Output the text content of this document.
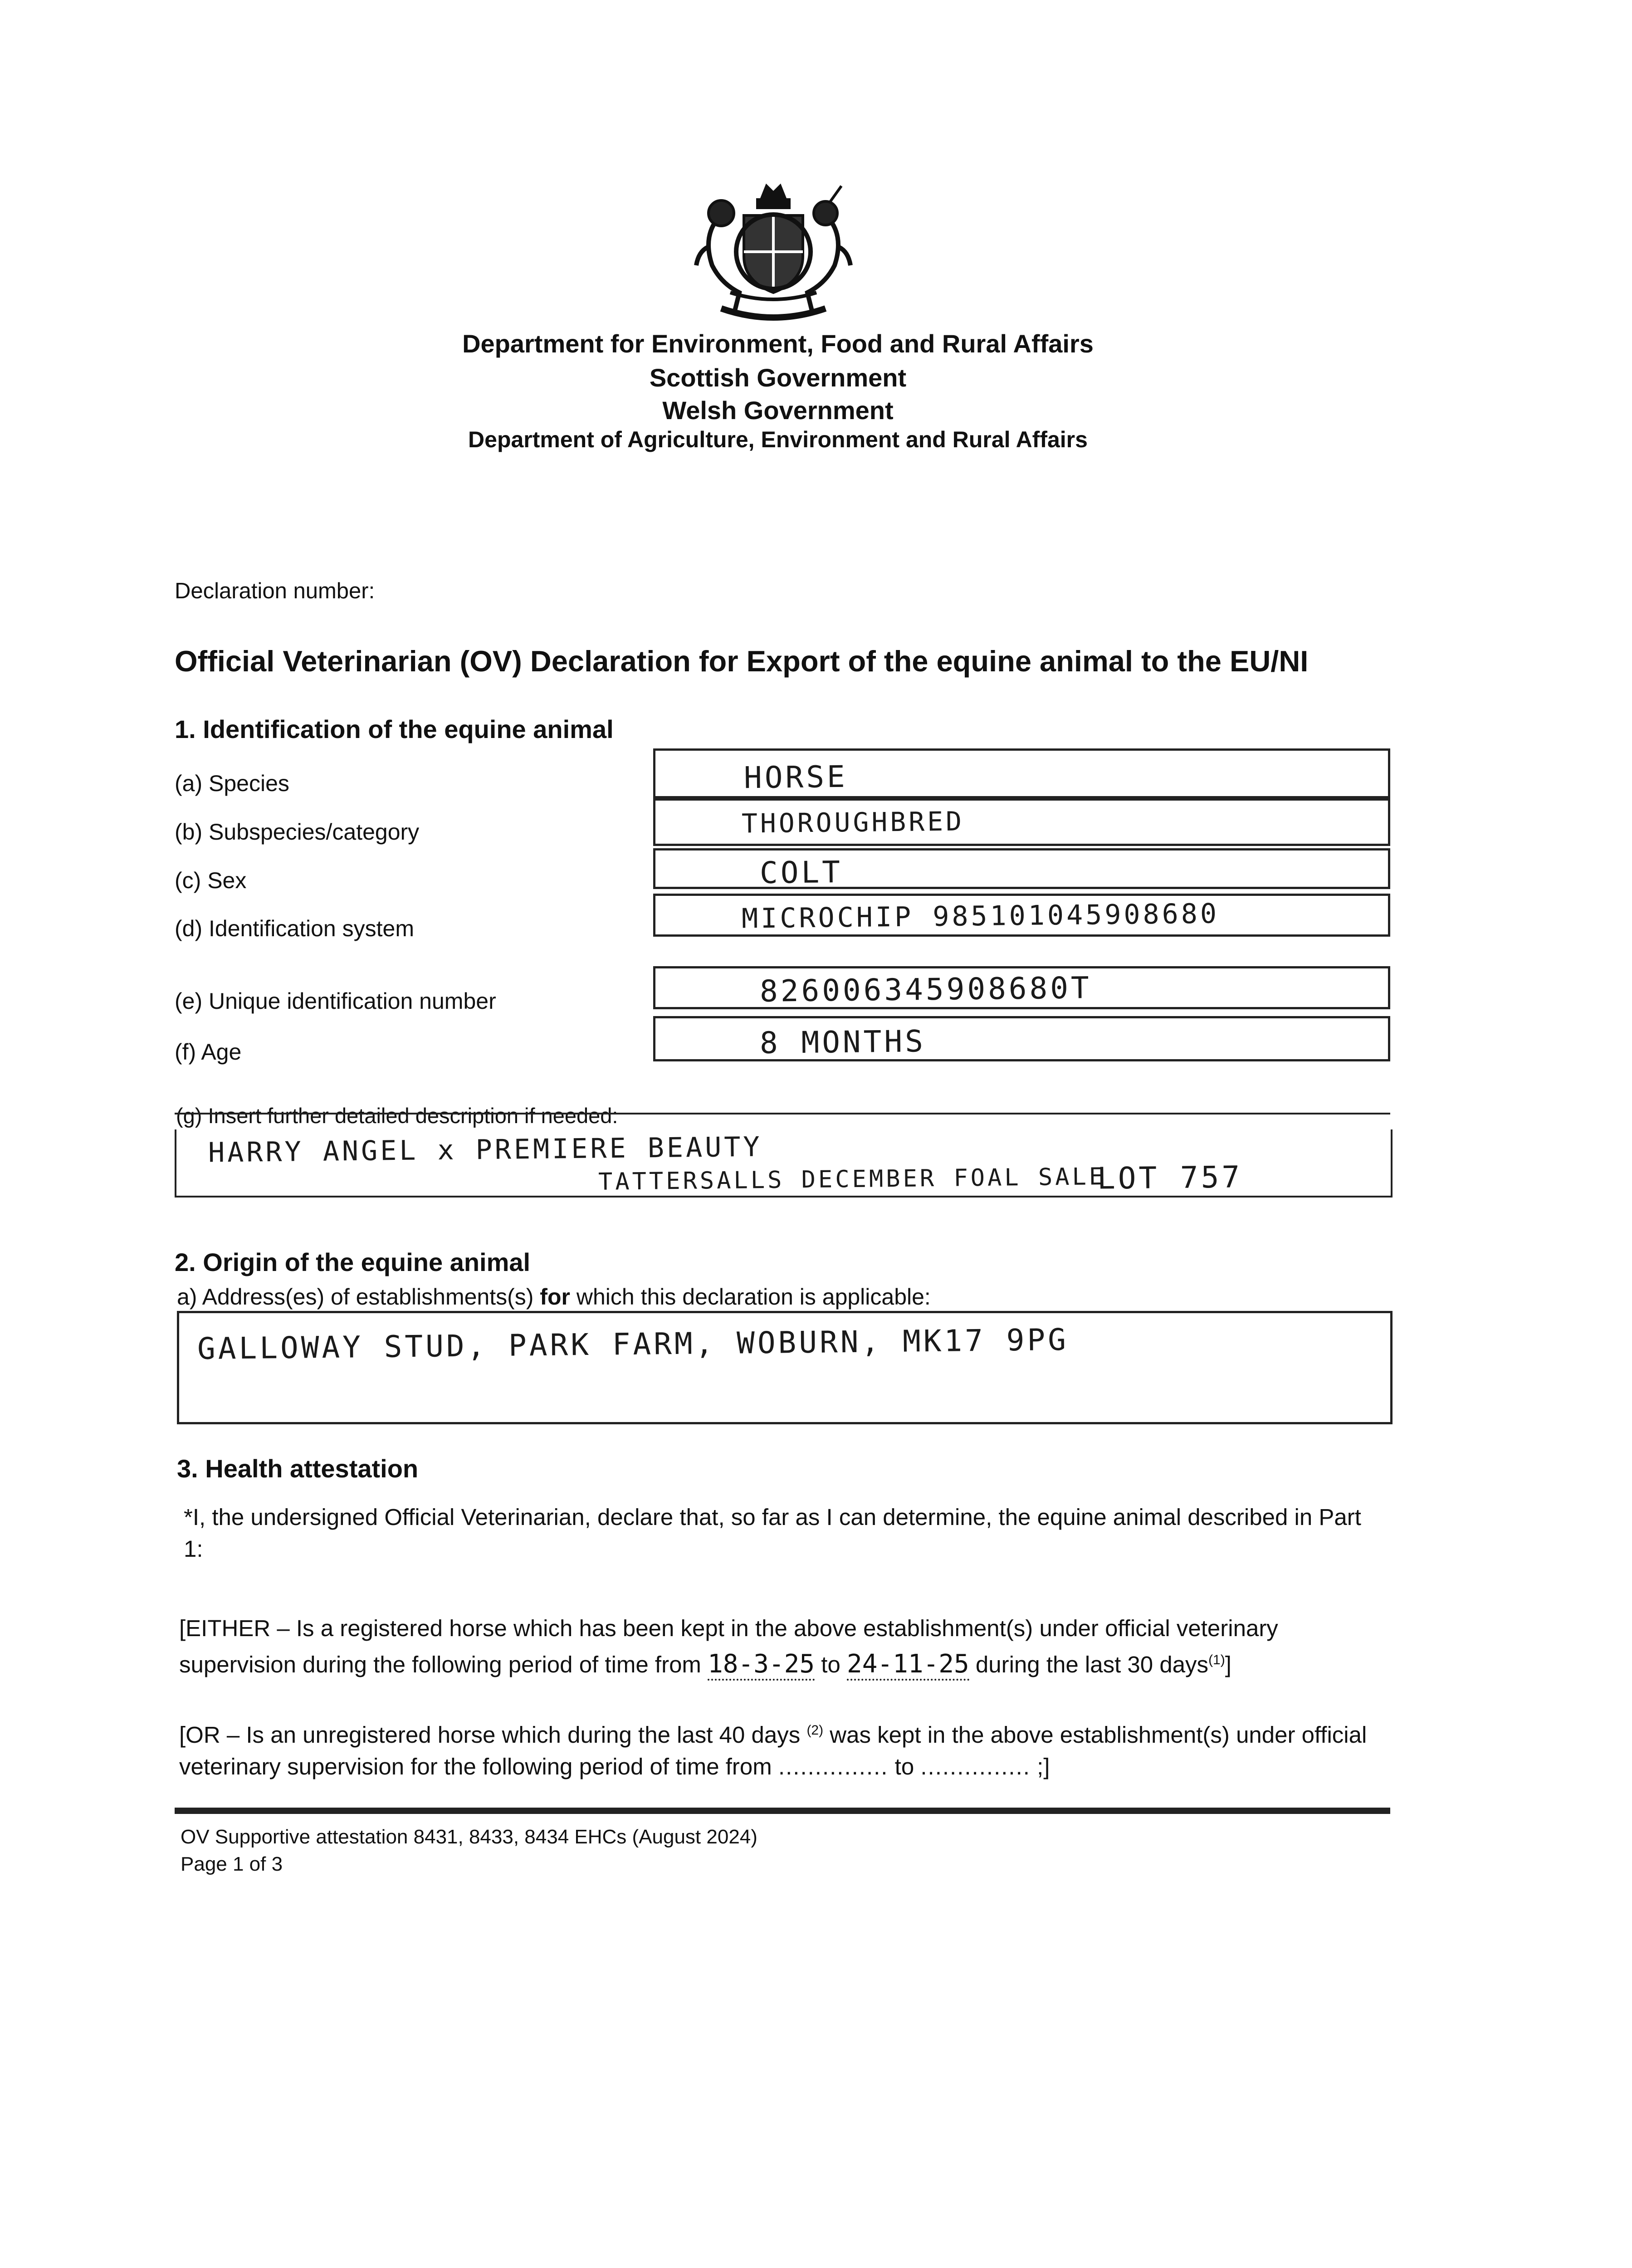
Department for Environment, Food and Rural Affairs
Scottish Government
Welsh Government
Department of Agriculture, Environment and Rural Affairs
Declaration number:
Official Veterinarian (OV) Declaration for Export of the equine animal to the EU/NI
1. Identification of the equine animal
(a) Species	HORSE
(b) Subspecies/category	THOROUGHBRED
(c) Sex	COLT
(d) Identification system	MICROCHIP 985101045908680
(e) Unique identification number	826006345908680T
(f) Age	8 MONTHS
(g) Insert further detailed description if needed:
HARRY ANGEL x PREMIERE BEAUTY
TATTERSALLS DECEMBER FOAL SALE
LOT 757
2. Origin of the equine animal
a) Address(es) of establishments(s) for which this declaration is applicable:
GALLOWAY STUD, PARK FARM, WOBURN, MK17 9PG
3. Health attestation
*I, the undersigned Official Veterinarian, declare that, so far as I can determine, the equine animal described in Part
1:
[EITHER – Is a registered horse which has been kept in the above establishment(s) under official veterinary
supervision during the following period of time from 18-3-25 to 24-11-25 during the last 30 days$^{(1)}$]
[OR – Is an unregistered horse which during the last 40 days $^{(2)}$ was kept in the above establishment(s) under official
veterinary supervision for the following period of time from ............... to ............... ;]
OV Supportive attestation 8431, 8433, 8434 EHCs (August 2024)
Page 1 of 3
